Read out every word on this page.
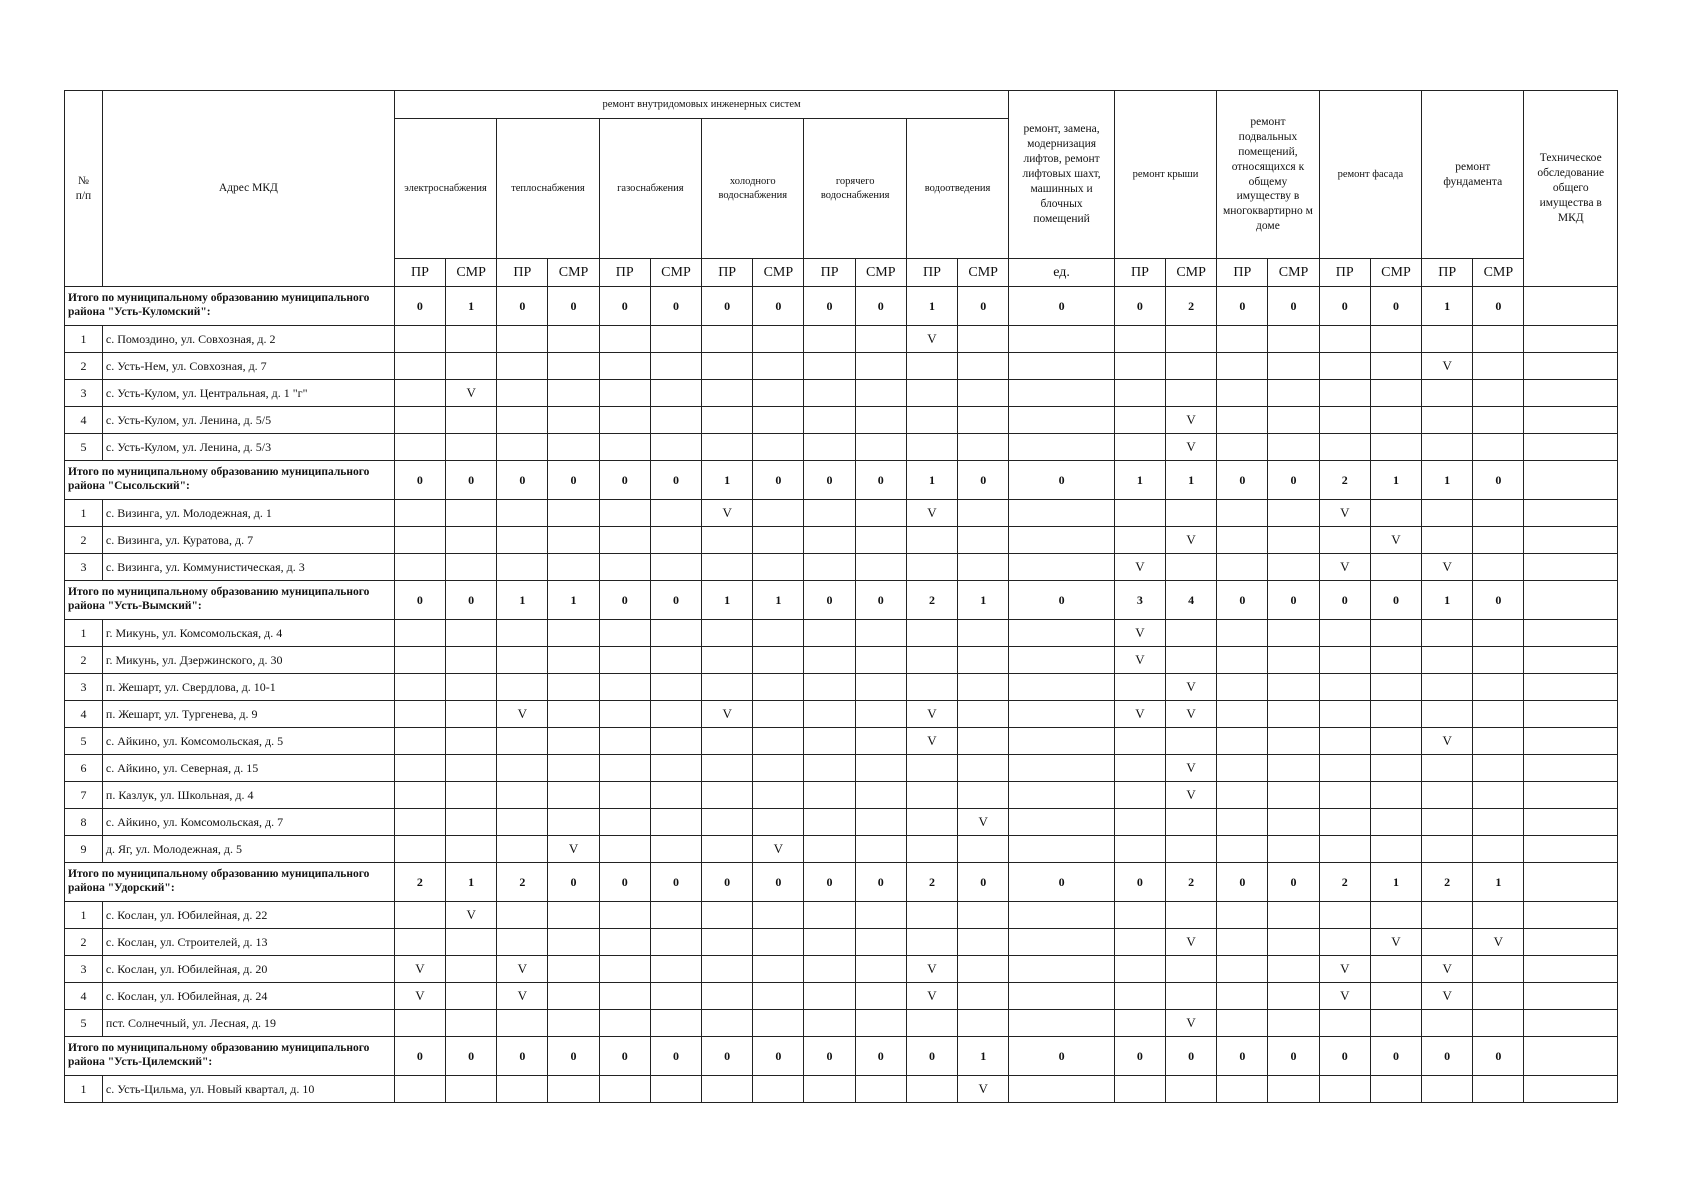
№
п/п	Адрес МКД	ремонт внутридомовых инженерных систем												ремонт, замена, модернизация лифтов, ремонт лифтовых шахт, машинных и блочных помещений	ремонт крыши		ремонт подвальных помещений, относящихся к общему имуществу в многоквартирно м доме		ремонт фасада		ремонт фундамента		Техническое обследование общего имущества в МКД
		электроснабжения		теплоснабжения		газоснабжения		холодного водоснабжения		горячего водоснабжения		водоотведения											
		ПР	СМР	ПР	СМР	ПР	СМР	ПР	СМР	ПР	СМР	ПР	СМР	ед.	ПР	СМР	ПР	СМР	ПР	СМР	ПР	СМР	
Итого по муниципальному образованию муниципального района "Усть-Куломский":		0	1	0	0	0	0	0	0	0	0	1	0	0	0	2	0	0	0	0	1	0	
1	с. Помоздино, ул. Совхозная, д. 2											V											
2	с. Усть-Нем, ул. Совхозная, д. 7																				V		
3	с. Усть-Кулом, ул. Центральная, д. 1 "г"		V																				
4	с. Усть-Кулом, ул. Ленина, д. 5/5															V							
5	с. Усть-Кулом, ул. Ленина, д. 5/3															V							
Итого по муниципальному образованию муниципального района "Сысольский":		0	0	0	0	0	0	1	0	0	0	1	0	0	1	1	0	0	2	1	1	0	
1	с. Визинга, ул. Молодежная, д. 1							V				V							V				
2	с. Визинга, ул. Куратова, д. 7															V				V			
3	с. Визинга, ул. Коммунистическая, д. 3														V				V		V		
Итого по муниципальному образованию муниципального района "Усть-Вымский":		0	0	1	1	0	0	1	1	0	0	2	1	0	3	4	0	0	0	0	1	0	
1	г. Микунь, ул. Комсомольская, д. 4														V								
2	г. Микунь, ул. Дзержинского, д. 30														V								
3	п. Жешарт, ул. Свердлова, д. 10-1															V							
4	п. Жешарт, ул. Тургенева, д. 9			V				V				V			V	V							
5	с. Айкино, ул. Комсомольская, д. 5											V									V		
6	с. Айкино, ул. Северная, д. 15															V							
7	п. Казлук, ул. Школьная, д. 4															V							
8	с. Айкино, ул. Комсомольская, д. 7												V										
9	д. Яг, ул. Молодежная, д. 5				V				V														
Итого по муниципальному образованию муниципального района "Удорский":		2	1	2	0	0	0	0	0	0	0	2	0	0	0	2	0	0	2	1	2	1	
1	с. Кослан, ул. Юбилейная, д. 22		V																				
2	с. Кослан, ул. Строителей, д. 13															V				V		V	
3	с. Кослан, ул. Юбилейная, д. 20	V		V								V							V		V		
4	с. Кослан, ул. Юбилейная, д. 24	V		V								V							V		V		
5	пст. Солнечный, ул. Лесная, д. 19															V							
Итого по муниципальному образованию муниципального района "Усть-Цилемский":		0	0	0	0	0	0	0	0	0	0	0	1	0	0	0	0	0	0	0	0	0	
1	с. Усть-Цильма, ул. Новый квартал, д. 10												V										
